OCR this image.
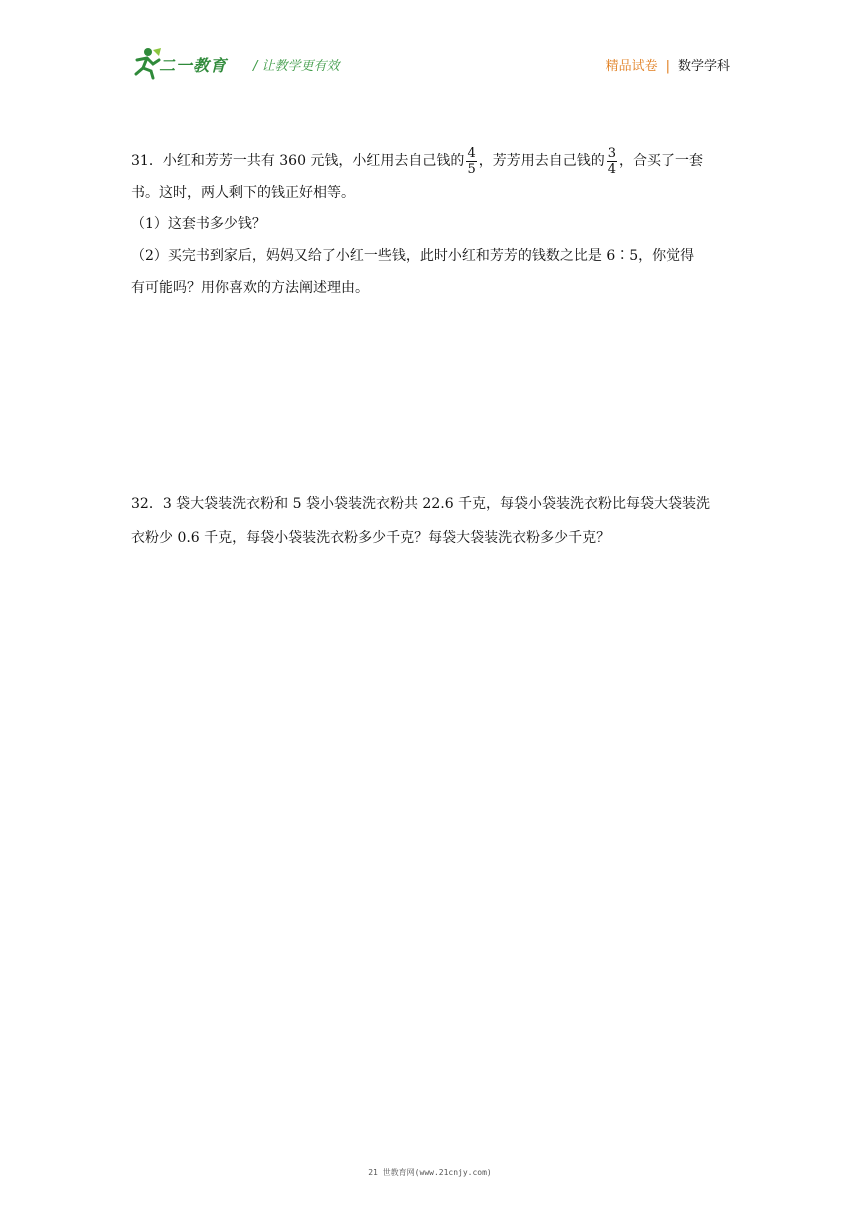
二一教育 / 让教学更有效	精品试卷 | 数学学科
31．小红和芳芳一共有 360 元钱，小红用去自己钱的 $\frac{4}{5}$ ，芳芳用去自己钱的 $\frac{3}{4}$ ，合买了一套
书。这时，两人剩下的钱正好相等。
（1）这套书多少钱？
（2）买完书到家后，妈妈又给了小红一些钱，此时小红和芳芳的钱数之比是 6∶5，你觉得
有可能吗？用你喜欢的方法阐述理由。
32．3 袋大袋装洗衣粉和 5 袋小袋装洗衣粉共 22.6 千克，每袋小袋装洗衣粉比每袋大袋装洗
衣粉少 0.6 千克，每袋小袋装洗衣粉多少千克？每袋大袋装洗衣粉多少千克？
21 世教育网(www.21cnjy.com)
